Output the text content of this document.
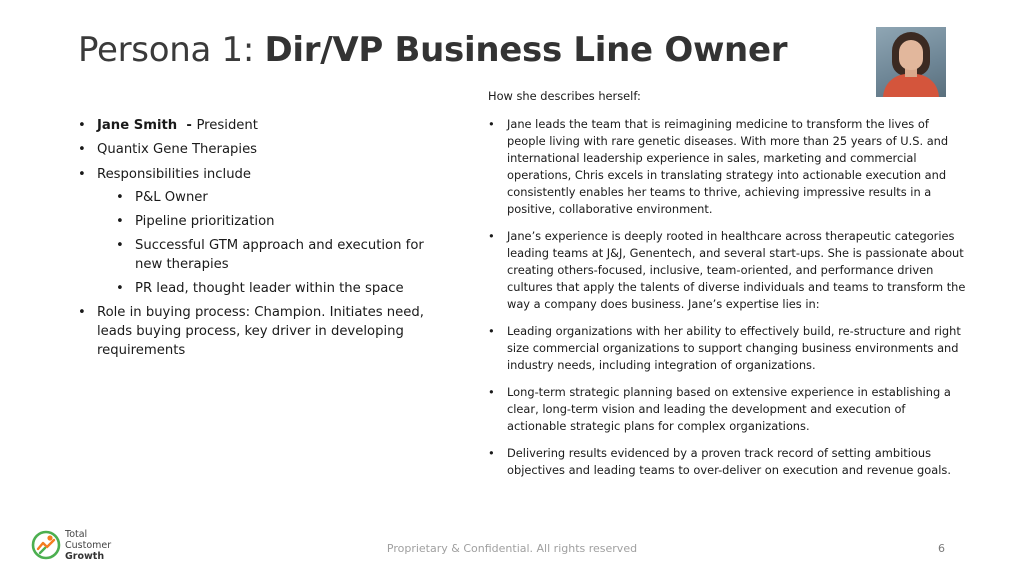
Persona 1: Dir/VP Business Line Owner
• Jane Smith  - President
• Quantix Gene Therapies
• Responsibilities include
• P&L Owner
• Pipeline prioritization
• Successful GTM approach and execution for new therapies
• PR lead, thought leader within the space
• Role in buying process: Champion. Initiates need, leads buying process, key driver in developing requirements

How she describes herself:

• Jane leads the team that is reimagining medicine to transform the lives of people living with rare genetic diseases. With more than 25 years of U.S. and international leadership experience in sales, marketing and commercial operations, Chris excels in translating strategy into actionable execution and consistently enables her teams to thrive, achieving impressive results in a positive, collaborative environment.
• Jane’s experience is deeply rooted in healthcare across therapeutic categories leading teams at J&J, Genentech, and several start-ups. She is passionate about creating others-focused, inclusive, team-oriented, and performance driven cultures that apply the talents of diverse individuals and teams to transform the way a company does business. Jane’s expertise lies in:
• Leading organizations with her ability to effectively build, re-structure and right size commercial organizations to support changing business environments and industry needs, including integration of organizations.
• Long-term strategic planning based on extensive experience in establishing a clear, long-term vision and leading the development and execution of actionable strategic plans for complex organizations.
• Delivering results evidenced by a proven track record of setting ambitious objectives and leading teams to over-deliver on execution and revenue goals.
Total
Customer
Growth
Proprietary & Confidential. All rights reserved	6
